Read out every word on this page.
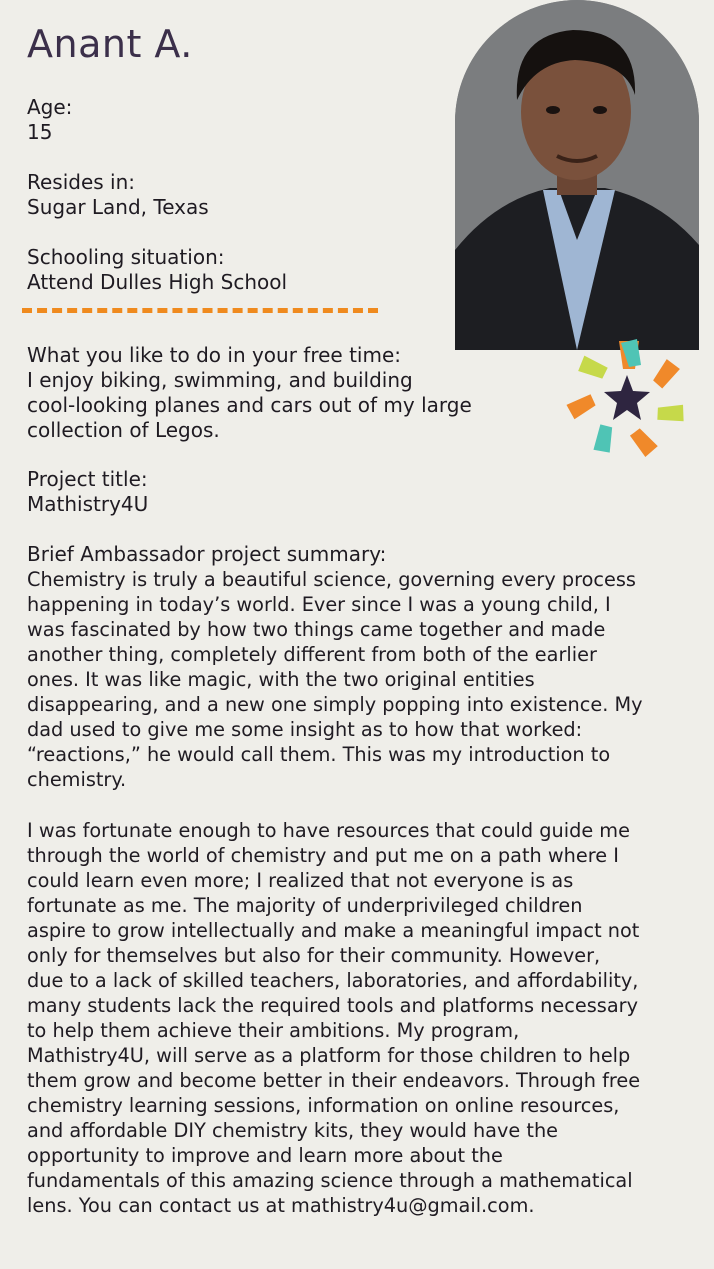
Anant A.
Age:
15
Resides in:
Sugar Land, Texas
Schooling situation:
Attend Dulles High School
What you like to do in your free time:
I enjoy biking, swimming, and building
cool-looking planes and cars out of my large
collection of Legos.
Project title:
Mathistry4U
Brief Ambassador project summary:
Chemistry is truly a beautiful science, governing every process
happening in today’s world. Ever since I was a young child, I
was fascinated by how two things came together and made
another thing, completely different from both of the earlier
ones. It was like magic, with the two original entities
disappearing, and a new one simply popping into existence. My
dad used to give me some insight as to how that worked:
“reactions,” he would call them. This was my introduction to
chemistry.
I was fortunate enough to have resources that could guide me
through the world of chemistry and put me on a path where I
could learn even more; I realized that not everyone is as
fortunate as me. The majority of underprivileged children
aspire to grow intellectually and make a meaningful impact not
only for themselves but also for their community. However,
due to a lack of skilled teachers, laboratories, and affordability,
many students lack the required tools and platforms necessary
to help them achieve their ambitions. My program,
Mathistry4U, will serve as a platform for those children to help
them grow and become better in their endeavors. Through free
chemistry learning sessions, information on online resources,
and affordable DIY chemistry kits, they would have the
opportunity to improve and learn more about the
fundamentals of this amazing science through a mathematical
lens. You can contact us at mathistry4u@gmail.com.
